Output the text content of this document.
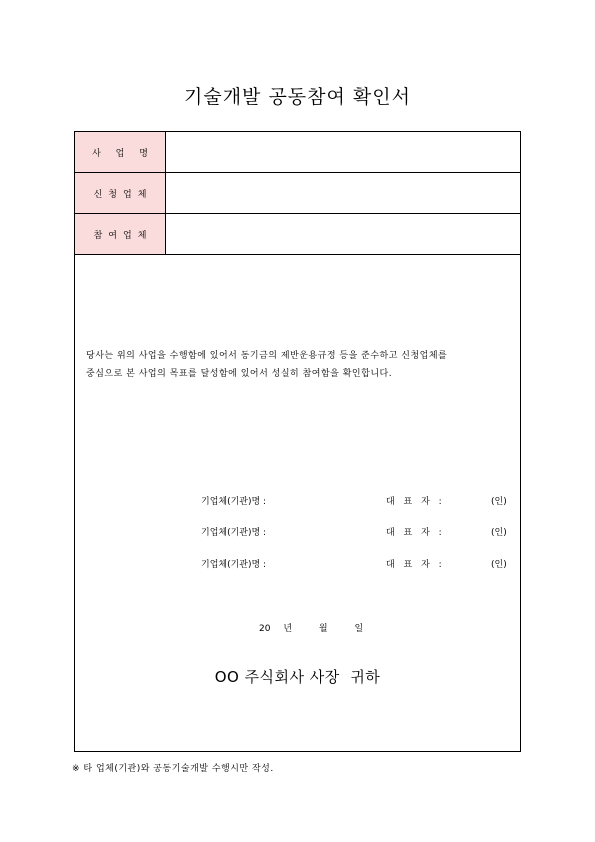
기술개발 공동참여 확인서
사 업 명
신청업체
참여업체
당사는 위의 사업을 수행함에 있어서 동기금의 제반운용규정 등을 준수하고 신청업체를
중심으로 본 사업의 목표를 달성함에 있어서 성실히 참여함을 확인합니다.
기업체(기관)명 :	대 표 자 :	(인)
기업체(기관)명 :	대 표 자 :	(인)
기업체(기관)명 :	대 표 자 :	(인)
20 년	월	일
OO 주식회사 사장  귀하
※ 타 업체(기관)와 공동기술개발 수행시만 작성.
